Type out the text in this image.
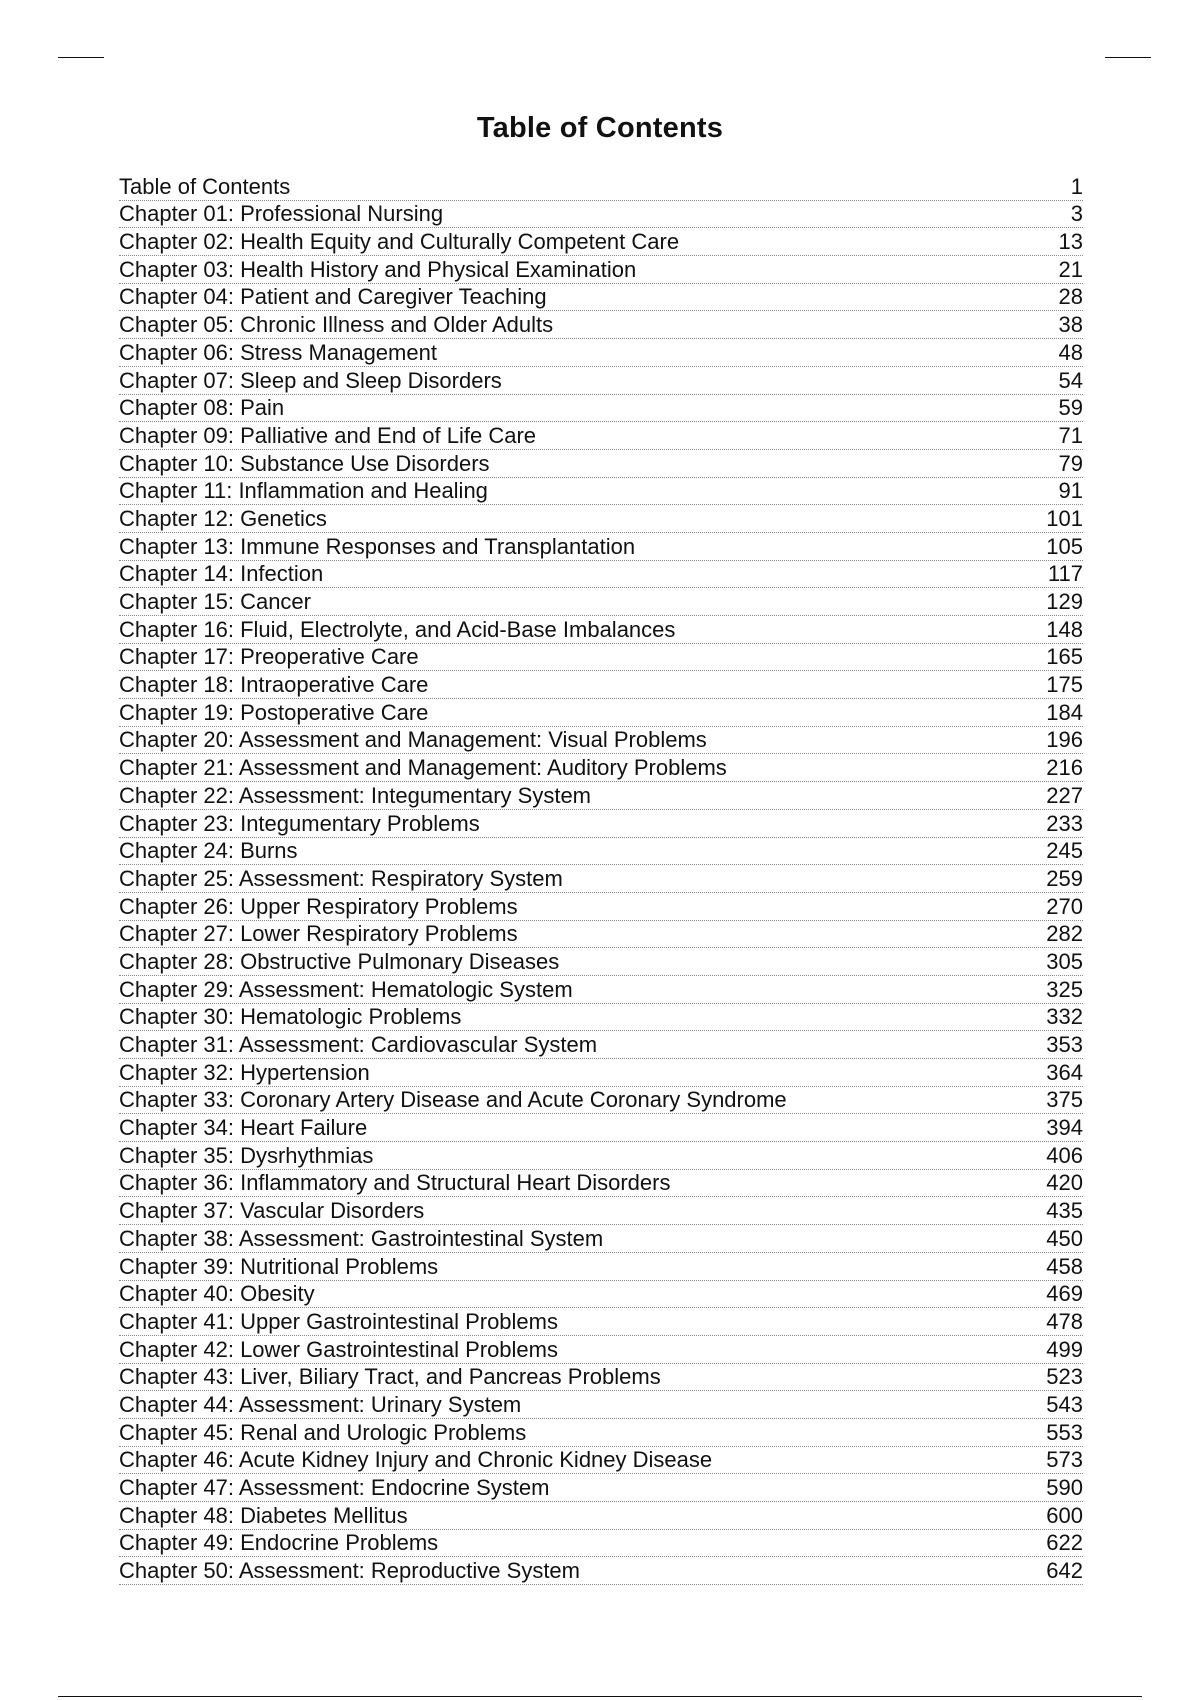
Table of Contents
Table of Contents	1
Chapter 01: Professional Nursing	3
Chapter 02: Health Equity and Culturally Competent Care	13
Chapter 03: Health History and Physical Examination	21
Chapter 04: Patient and Caregiver Teaching	28
Chapter 05: Chronic Illness and Older Adults	38
Chapter 06: Stress Management	48
Chapter 07: Sleep and Sleep Disorders	54
Chapter 08: Pain	59
Chapter 09: Palliative and End of Life Care	71
Chapter 10: Substance Use Disorders	79
Chapter 11: Inflammation and Healing	91
Chapter 12: Genetics	101
Chapter 13: Immune Responses and Transplantation	105
Chapter 14: Infection	117
Chapter 15: Cancer	129
Chapter 16: Fluid, Electrolyte, and Acid-Base Imbalances	148
Chapter 17: Preoperative Care	165
Chapter 18: Intraoperative Care	175
Chapter 19: Postoperative Care	184
Chapter 20: Assessment and Management: Visual Problems	196
Chapter 21: Assessment and Management: Auditory Problems	216
Chapter 22: Assessment: Integumentary System	227
Chapter 23: Integumentary Problems	233
Chapter 24: Burns	245
Chapter 25: Assessment: Respiratory System	259
Chapter 26: Upper Respiratory Problems	270
Chapter 27: Lower Respiratory Problems	282
Chapter 28: Obstructive Pulmonary Diseases	305
Chapter 29: Assessment: Hematologic System	325
Chapter 30: Hematologic Problems	332
Chapter 31: Assessment: Cardiovascular System	353
Chapter 32: Hypertension	364
Chapter 33: Coronary Artery Disease and Acute Coronary Syndrome	375
Chapter 34: Heart Failure	394
Chapter 35: Dysrhythmias	406
Chapter 36: Inflammatory and Structural Heart Disorders	420
Chapter 37: Vascular Disorders	435
Chapter 38: Assessment: Gastrointestinal System	450
Chapter 39: Nutritional Problems	458
Chapter 40: Obesity	469
Chapter 41: Upper Gastrointestinal Problems	478
Chapter 42: Lower Gastrointestinal Problems	499
Chapter 43: Liver, Biliary Tract, and Pancreas Problems	523
Chapter 44: Assessment: Urinary System	543
Chapter 45: Renal and Urologic Problems	553
Chapter 46: Acute Kidney Injury and Chronic Kidney Disease	573
Chapter 47: Assessment: Endocrine System	590
Chapter 48: Diabetes Mellitus	600
Chapter 49: Endocrine Problems	622
Chapter 50: Assessment: Reproductive System	642
